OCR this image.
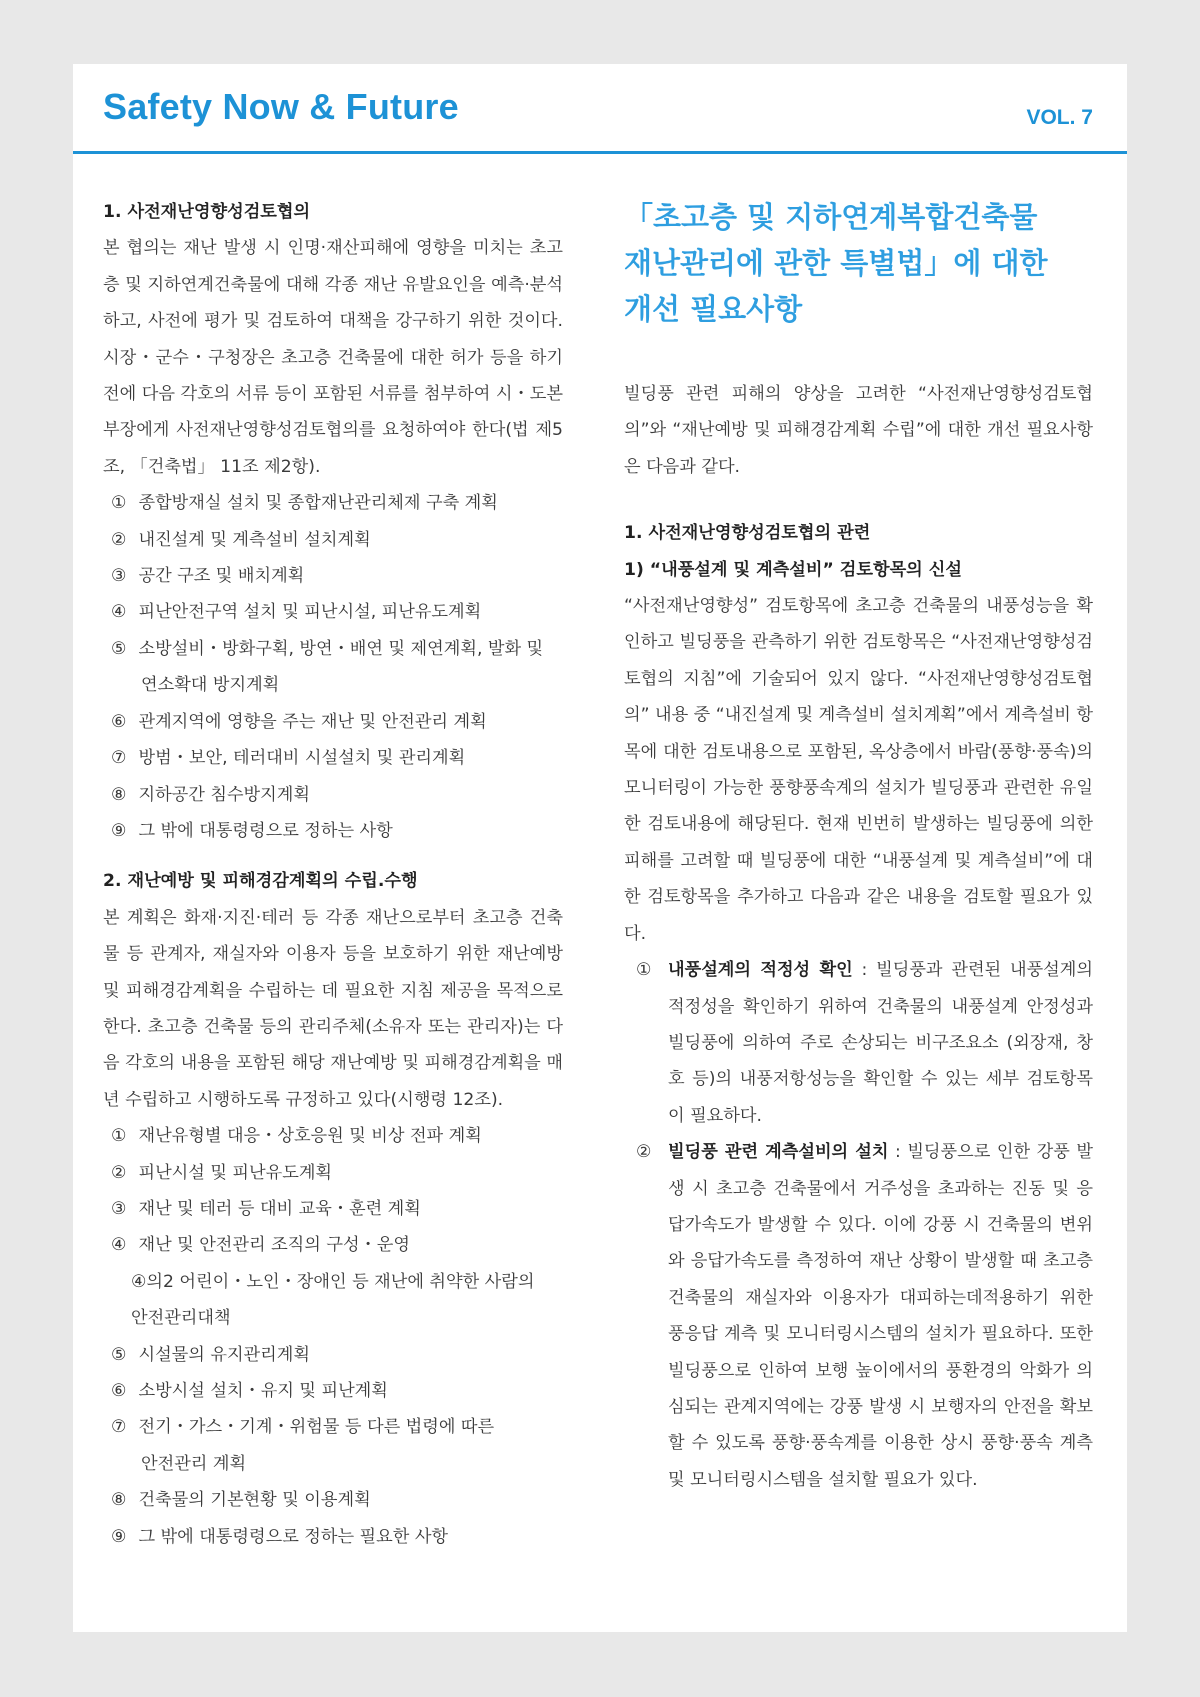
Safety Now & Future	VOL. 7

1. 사전재난영향성검토협의

본 협의는 재난 발생 시 인명·재산피해에 영향을 미치는 초고층 및 지하연계건축물에 대해 각종 재난 유발요인을 예측·분석하고, 사전에 평가 및 검토하여 대책을 강구하기 위한 것이다. 시장・군수・구청장은 초고층 건축물에 대한 허가 등을 하기 전에 다음 각호의 서류 등이 포함된 서류를 첨부하여 시・도본부장에게 사전재난영향성검토협의를 요청하여야 한다(법 제5조, 「건축법」 11조 제2항).

① 종합방재실 설치 및 종합재난관리체제 구축 계획

② 내진설계 및 계측설비 설치계획

③ 공간 구조 및 배치계획

④ 피난안전구역 설치 및 피난시설, 피난유도계획

⑤ 소방설비・방화구획, 방연・배연 및 제연계획, 발화 및
연소확대 방지계획

⑥ 관계지역에 영향을 주는 재난 및 안전관리 계획

⑦ 방범・보안, 테러대비 시설설치 및 관리계획

⑧ 지하공간 침수방지계획

⑨ 그 밖에 대통령령으로 정하는 사항

2. 재난예방 및 피해경감계획의 수립.수행

본 계획은 화재·지진·테러 등 각종 재난으로부터 초고층 건축물 등 관계자, 재실자와 이용자 등을 보호하기 위한 재난예방 및 피해경감계획을 수립하는 데 필요한 지침 제공을 목적으로 한다. 초고층 건축물 등의 관리주체(소유자 또는 관리자)는 다음 각호의 내용을 포함된 해당 재난예방 및 피해경감계획을 매년 수립하고 시행하도록 규정하고 있다(시행령 12조).

① 재난유형별 대응・상호응원 및 비상 전파 계획

② 피난시설 및 피난유도계획

③ 재난 및 테러 등 대비 교육・훈련 계획

④ 재난 및 안전관리 조직의 구성・운영

④의2 어린이・노인・장애인 등 재난에 취약한 사람의
안전관리대책

⑤ 시설물의 유지관리계획

⑥ 소방시설 설치・유지 및 피난계획

⑦ 전기・가스・기계・위험물 등 다른 법령에 따른
안전관리 계획

⑧ 건축물의 기본현황 및 이용계획

⑨ 그 밖에 대통령령으로 정하는 필요한 사항

「초고층 및 지하연계복합건축물
재난관리에 관한 특별법」에 대한
개선 필요사항

빌딩풍 관련 피해의 양상을 고려한 “사전재난영향성검토협의”와 “재난예방 및 피해경감계획 수립”에 대한 개선 필요사항은 다음과 같다.

1. 사전재난영향성검토협의 관련

1) “내풍설계 및 계측설비” 검토항목의 신설

“사전재난영향성” 검토항목에 초고층 건축물의 내풍성능을 확인하고 빌딩풍을 관측하기 위한 검토항목은 “사전재난영향성검토협의 지침”에 기술되어 있지 않다. “사전재난영향성검토협의” 내용 중 “내진설계 및 계측설비 설치계획”에서 계측설비 항목에 대한 검토내용으로 포함된, 옥상층에서 바람(풍향·풍속)의 모니터링이 가능한 풍향풍속계의 설치가 빌딩풍과 관련한 유일한 검토내용에 해당된다. 현재 빈번히 발생하는 빌딩풍에 의한 피해를 고려할 때 빌딩풍에 대한 “내풍설계 및 계측설비”에 대한 검토항목을 추가하고 다음과 같은 내용을 검토할 필요가 있다.

① 내풍설계의 적정성 확인 : 빌딩풍과 관련된 내풍설계의 적정성을 확인하기 위하여 건축물의 내풍설계 안정성과 빌딩풍에 의하여 주로 손상되는 비구조요소 (외장재, 창호 등)의 내풍저항성능을 확인할 수 있는 세부 검토항목이 필요하다.
② 빌딩풍 관련 계측설비의 설치 : 빌딩풍으로 인한 강풍 발생 시 초고층 건축물에서 거주성을 초과하는 진동 및 응답가속도가 발생할 수 있다. 이에 강풍 시 건축물의 변위와 응답가속도를 측정하여 재난 상황이 발생할 때 초고층 건축물의 재실자와 이용자가 대피하는데적용하기 위한 풍응답 계측 및 모니터링시스템의 설치가 필요하다. 또한 빌딩풍으로 인하여 보행 높이에서의 풍환경의 악화가 의심되는 관계지역에는 강풍 발생 시 보행자의 안전을 확보할 수 있도록 풍향·풍속계를 이용한 상시 풍향·풍속 계측 및 모니터링시스템을 설치할 필요가 있다.
